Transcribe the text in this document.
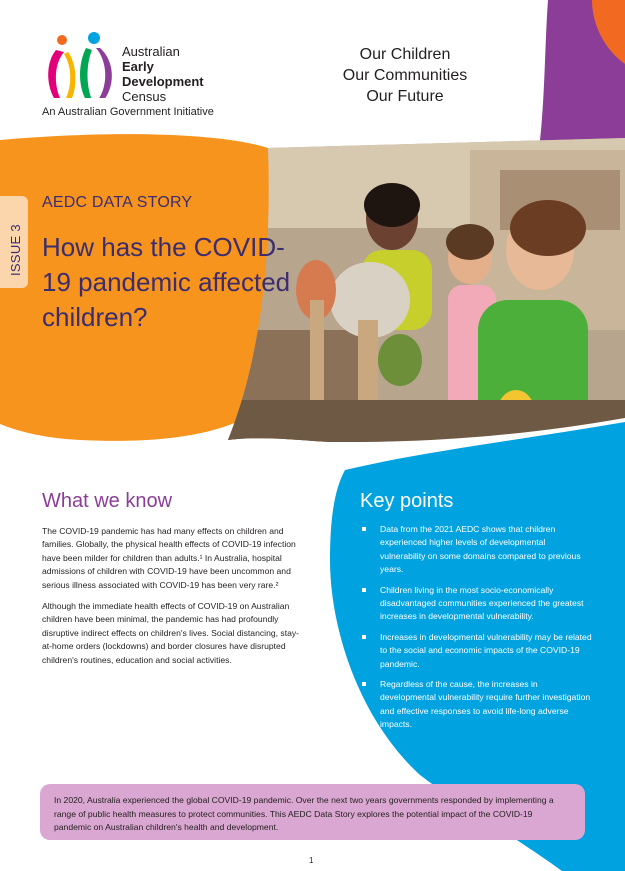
Australian
Early
Development
Census
An Australian Government Initiative
Our Children
Our Communities
Our Future
ISSUE 3
AEDC DATA STORY
How has the COVID-19 pandemic affected children?
What we know

The COVID-19 pandemic has had many effects on children and families. Globally, the physical health effects of COVID-19 infection have been milder for children than adults.¹ In Australia, hospital admissions of children with COVID-19 have been uncommon and serious illness associated with COVID-19 has been very rare.²

Although the immediate health effects of COVID-19 on Australian children have been minimal, the pandemic has had profoundly disruptive indirect effects on children's lives. Social distancing, stay-at-home orders (lockdowns) and border closures have disrupted children's routines, education and social activities.

Key points
Data from the 2021 AEDC shows that children experienced higher levels of developmental vulnerability on some domains compared to previous years.
Children living in the most socio-economically disadvantaged communities experienced the greatest increases in developmental vulnerability.
Increases in developmental vulnerability may be related to the social and economic impacts of the COVID-19 pandemic.
Regardless of the cause, the increases in developmental vulnerability require further investigation and effective responses to avoid life-long adverse impacts.
In 2020, Australia experienced the global COVID-19 pandemic. Over the next two years governments responded by implementing a range of public health measures to protect communities. This AEDC Data Story explores the potential impact of the COVID-19 pandemic on Australian children's health and development.
1
